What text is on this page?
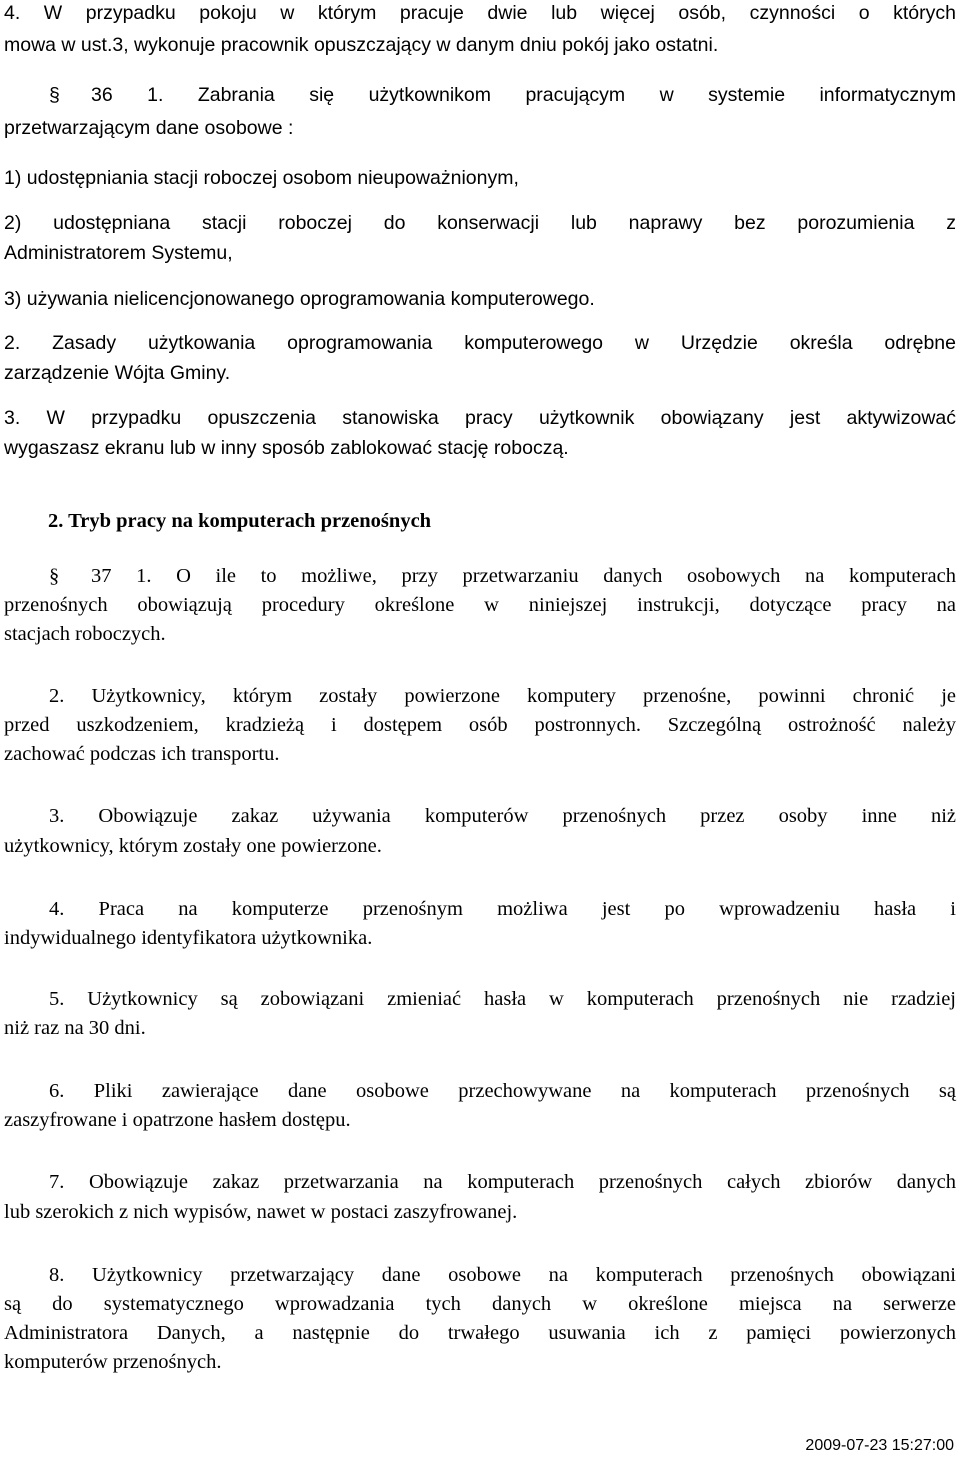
4. W przypadku pokoju w którym pracuje dwie lub więcej osób, czynności o których
mowa w ust.3, wykonuje pracownik opuszczający w danym dniu pokój jako ostatni.
§	36 1. Zabrania się użytkownikom pracującym w systemie informatycznym
przetwarzającym dane osobowe :
1) udostępniania stacji roboczej osobom nieupoważnionym,
2) udostępniana stacji roboczej do konserwacji lub naprawy bez porozumienia z
Administratorem Systemu,
3) używania nielicencjonowanego oprogramowania komputerowego.
2. Zasady użytkowania oprogramowania komputerowego w Urzędzie określa odrębne
zarządzenie Wójta Gminy.
3. W przypadku opuszczenia stanowiska pracy użytkownik obowiązany jest aktywizować
wygaszasz ekranu lub w inny sposób zablokować stację roboczą.
2. Tryb pracy na komputerach przenośnych
§	37 1. O ile to możliwe, przy przetwarzaniu danych osobowych na komputerach
przenośnych obowiązują procedury określone w niniejszej instrukcji, dotyczące pracy na
stacjach roboczych.
2. Użytkownicy, którym zostały powierzone komputery przenośne, powinni chronić je
przed uszkodzeniem, kradzieżą i dostępem osób postronnych. Szczególną ostrożność należy
zachować podczas ich transportu.
3. Obowiązuje zakaz używania komputerów przenośnych przez osoby inne niż
użytkownicy, którym zostały one powierzone.
4. Praca na komputerze przenośnym możliwa jest po wprowadzeniu hasła i
indywidualnego identyfikatora użytkownika.
5. Użytkownicy są zobowiązani zmieniać hasła w komputerach przenośnych nie rzadziej
niż raz na 30 dni.
6. Pliki zawierające dane osobowe przechowywane na komputerach przenośnych są
zaszyfrowane i opatrzone hasłem dostępu.
7. Obowiązuje zakaz przetwarzania na komputerach przenośnych całych zbiorów danych
lub szerokich z nich wypisów, nawet w postaci zaszyfrowanej.
8. Użytkownicy przetwarzający dane osobowe na komputerach przenośnych obowiązani
są do systematycznego wprowadzania tych danych w określone miejsca na serwerze
Administratora Danych, a następnie do trwałego usuwania ich z pamięci powierzonych
komputerów przenośnych.
2009-07-23 15:27:00
